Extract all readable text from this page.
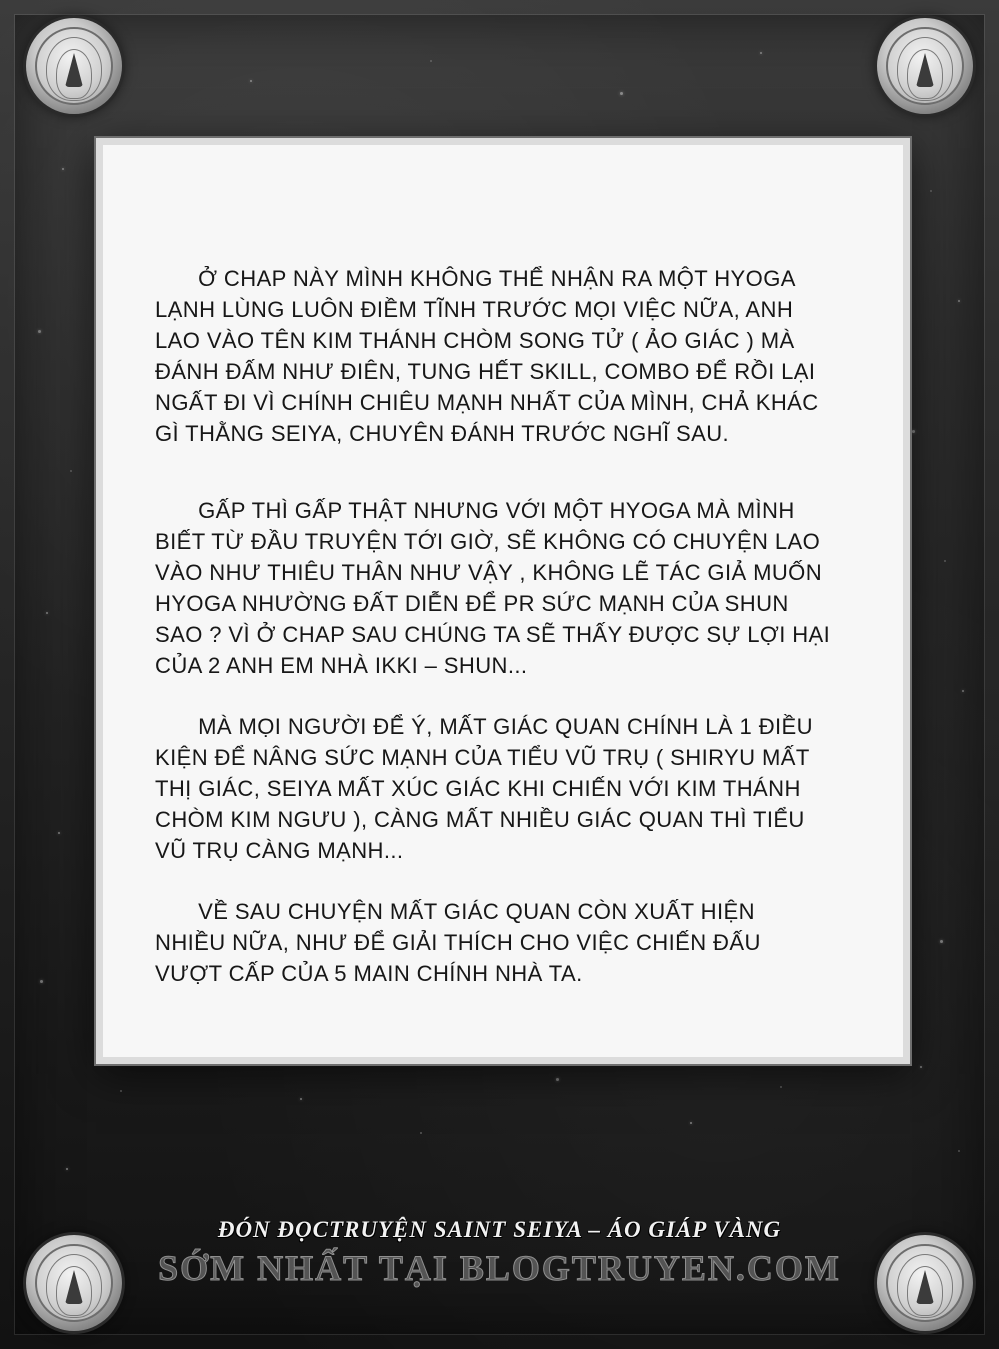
Ở CHAP NÀY MÌNH KHÔNG THỂ NHẬN RA MỘT HYOGA LẠNH LÙNG LUÔN ĐIỀM TĨNH TRƯỚC MỌI VIỆC NỮA, ANH LAO VÀO TÊN KIM THÁNH CHÒM SONG TỬ ( ẢO GIÁC ) MÀ ĐÁNH ĐẤM NHƯ ĐIÊN, TUNG HẾT SKILL, COMBO ĐỂ RỒI LẠI NGẤT ĐI VÌ CHÍNH CHIÊU MẠNH NHẤT CỦA MÌNH, CHẢ KHÁC GÌ THẰNG SEIYA, CHUYÊN ĐÁNH TRƯỚC NGHĨ SAU.

GẤP THÌ GẤP THẬT NHƯNG VỚI MỘT HYOGA MÀ MÌNH BIẾT TỪ ĐẦU TRUYỆN TỚI GIỜ, SẼ KHÔNG CÓ CHUYỆN LAO VÀO NHƯ THIÊU THÂN NHƯ VẬY , KHÔNG LẼ TÁC GIẢ MUỐN HYOGA NHƯỜNG ĐẤT DIỄN ĐỂ PR SỨC MẠNH CỦA SHUN SAO ? VÌ Ở CHAP SAU CHÚNG TA SẼ THẤY ĐƯỢC SỰ LỢI HẠI CỦA 2 ANH EM NHÀ IKKI – SHUN...

MÀ MỌI NGƯỜI ĐỂ Ý, MẤT GIÁC QUAN CHÍNH LÀ 1 ĐIỀU KIỆN ĐỂ NÂNG SỨC MẠNH CỦA TIỂU VŨ TRỤ ( SHIRYU MẤT THỊ GIÁC, SEIYA MẤT XÚC GIÁC KHI CHIẾN VỚI KIM THÁNH CHÒM KIM NGƯU ), CÀNG MẤT NHIỀU GIÁC QUAN THÌ TIỂU VŨ TRỤ CÀNG MẠNH...

VỀ SAU CHUYỆN MẤT GIÁC QUAN CÒN XUẤT HIỆN NHIỀU NỮA, NHƯ ĐỂ GIẢI THÍCH CHO VIỆC CHIẾN ĐẤU VƯỢT CẤP CỦA 5 MAIN CHÍNH NHÀ TA.

ĐÓN ĐỌCTRUYỆN SAINT SEIYA – ÁO GIÁP VÀNG
SỚM NHẤT TẠI BLOGTRUYEN.COM
